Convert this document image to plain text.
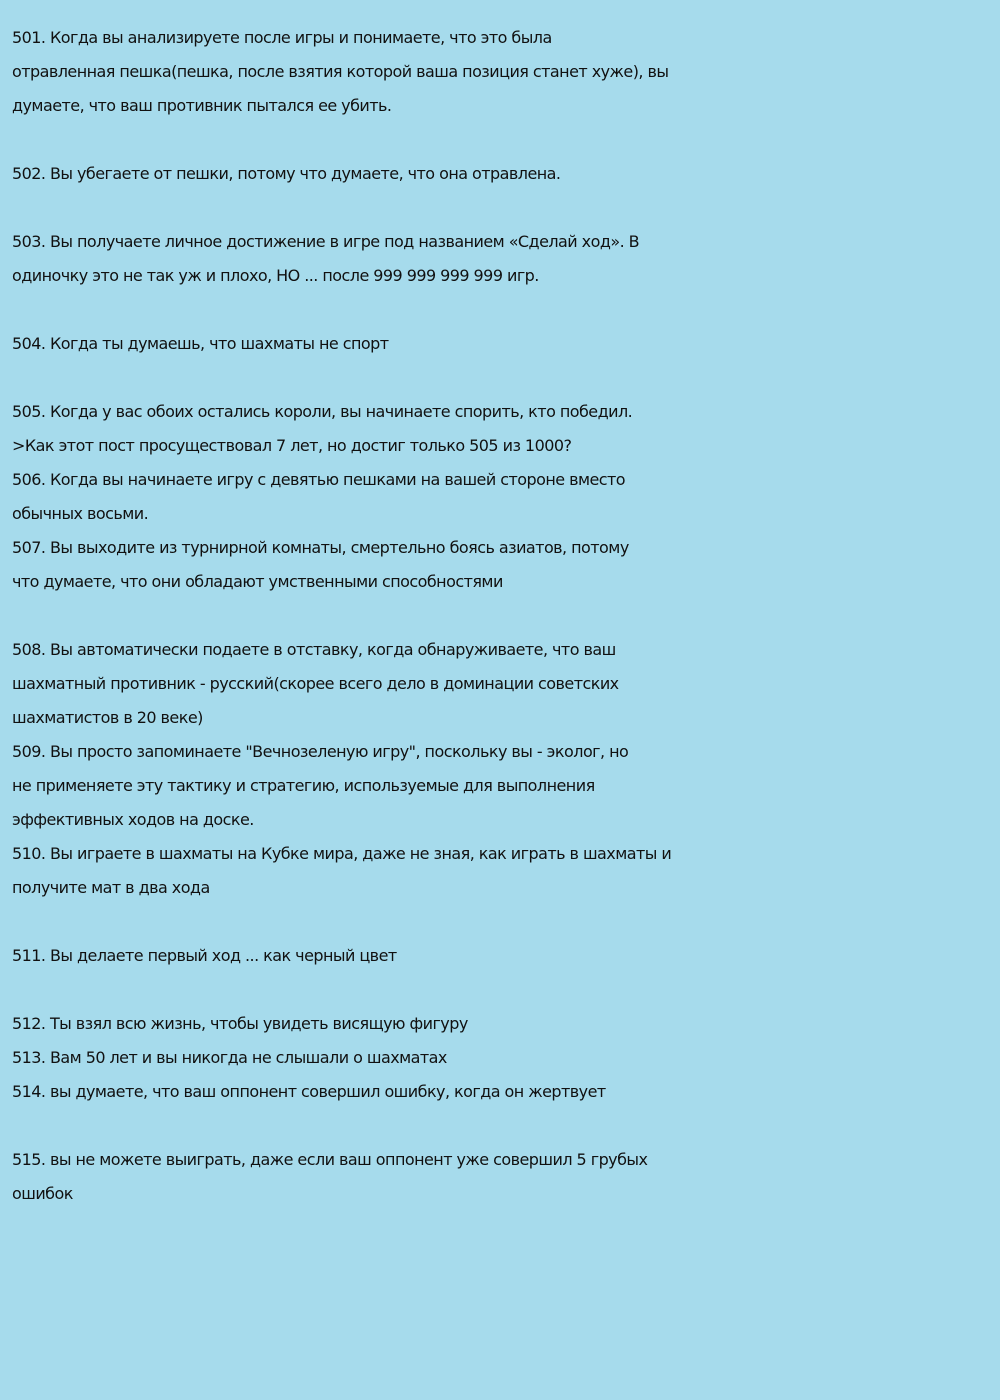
501. Когда вы анализируете после игры и понимаете, что это была
отравленная пешка(пешка, после взятия которой ваша позиция станет хуже), вы
думаете, что ваш противник пытался ее убить.
502. Вы убегаете от пешки, потому что думаете, что она отравлена.
503. Вы получаете личное достижение в игре под названием «Сделай ход». В
одиночку это не так уж и плохо, НО ... после 999 999 999 999 игр.
504. Когда ты думаешь, что шахматы не спорт
505. Когда у вас обоих остались короли, вы начинаете спорить, кто победил.
>Как этот пост просуществовал 7 лет, но достиг только 505 из 1000?
506. Когда вы начинаете игру с девятью пешками на вашей стороне вместо
обычных восьми.
507. Вы выходите из турнирной комнаты, смертельно боясь азиатов, потому
что думаете, что они обладают умственными способностями
508. Вы автоматически подаете в отставку, когда обнаруживаете, что ваш
шахматный противник - русский(скорее всего дело в доминации советских
шахматистов в 20 веке)
509. Вы просто запоминаете "Вечнозеленую игру", поскольку вы - эколог, но
не применяете эту тактику и стратегию, используемые для выполнения
эффективных ходов на доске.
510. Вы играете в шахматы на Кубке мира, даже не зная, как играть в шахматы и
получите мат в два хода
511. Вы делаете первый ход ... как черный цвет
512. Ты взял всю жизнь, чтобы увидеть висящую фигуру
513. Вам 50 лет и вы никогда не слышали о шахматах
514. вы думаете, что ваш оппонент совершил ошибку, когда он жертвует
515. вы не можете выиграть, даже если ваш оппонент уже совершил 5 грубых
ошибок
